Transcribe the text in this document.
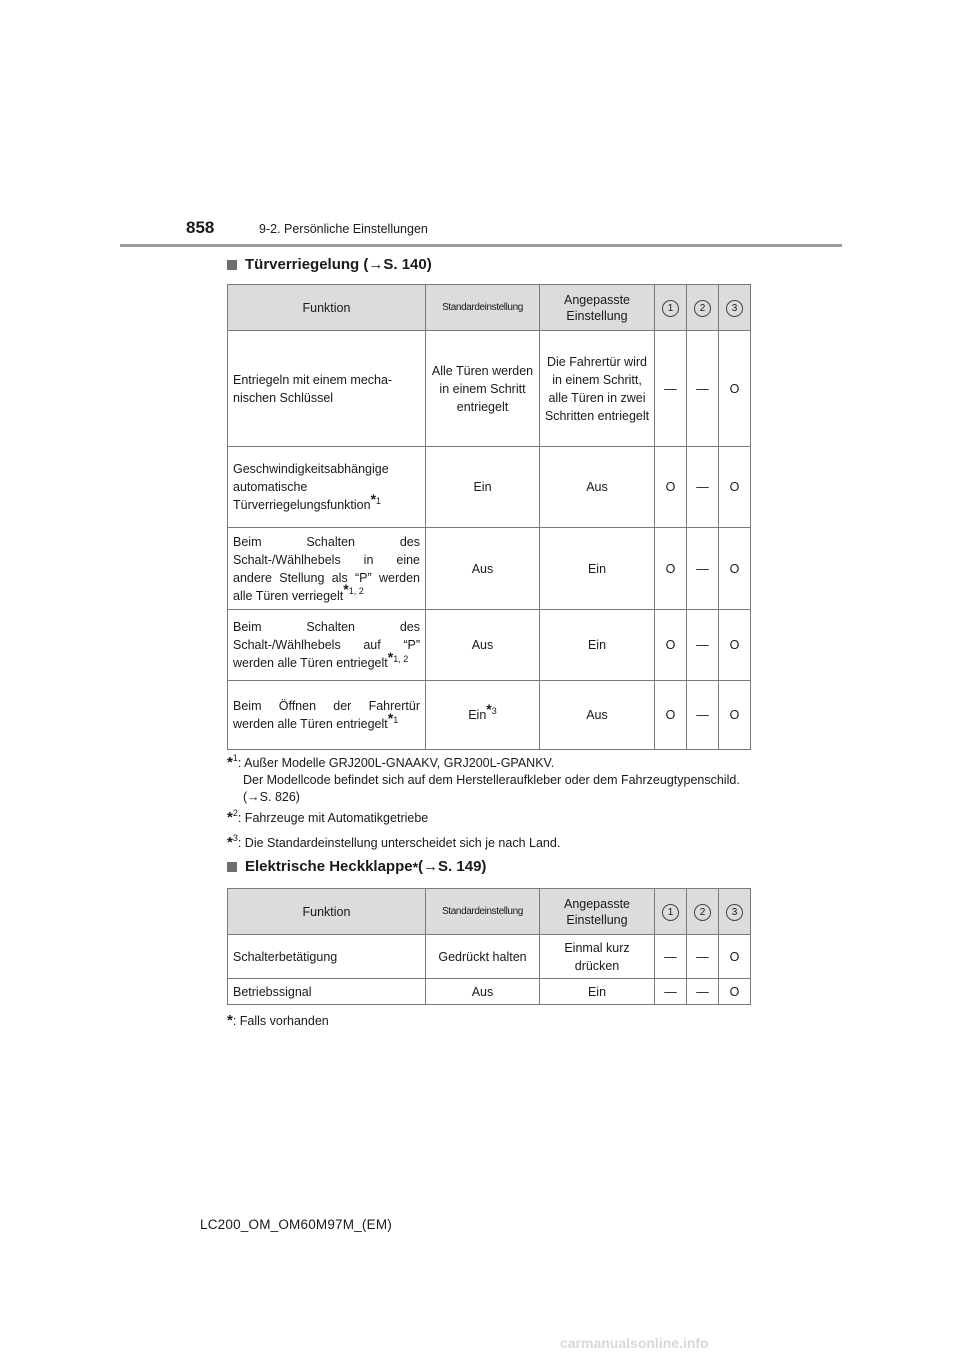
858	9-2. Persönliche Einstellungen
Türverriegelung ( →S. 140)
Funktion	Standardeinstellung	Angepasste Einstellung	1	2	3
Entriegeln mit einem mecha-
nischen Schlüssel	Alle Türen werden in einem Schritt entriegelt	Die Fahrertür wird in einem Schritt, alle Türen in zwei Schritten entriegelt	—	—	O
Geschwindigkeitsabhängige automatische Türverriegelungsfunktion$^{*1}$	Ein	Aus	O	—	O
Beim Schalten des Schalt-/Wählhebels in eine andere Stellung als “P” werden alle Türen verriegelt$^{*1, 2}$	Aus	Ein	O	—	O
Beim Schalten des Schalt-/Wählhebels auf “P” werden alle Türen entriegelt$^{*1, 2}$	Aus	Ein	O	—	O
Beim Öffnen der Fahrertür werden alle Türen entriegelt$^{*1}$	Ein$^{*3}$	Aus	O	—	O
*$^1$: Außer Modelle GRJ200L-GNAAKV, GRJ200L-GPANKV.
Der Modellcode befindet sich auf dem Herstelleraufkleber oder dem Fahrzeugtypenschild. (→S. 826)
*$^2$: Fahrzeuge mit Automatikgetriebe
*$^3$: Die Standardeinstellung unterscheidet sich je nach Land.
Elektrische Heckklappe * (→S. 149)
Funktion	Standardeinstellung	Angepasste Einstellung	1	2	3
Schalterbetätigung	Gedrückt halten	Einmal kurz drücken	—	—	O
Betriebssignal	Aus	Ein	—	—	O
*: Falls vorhanden
LC200_OM_OM60M97M_(EM)
carmanualsonline.info
